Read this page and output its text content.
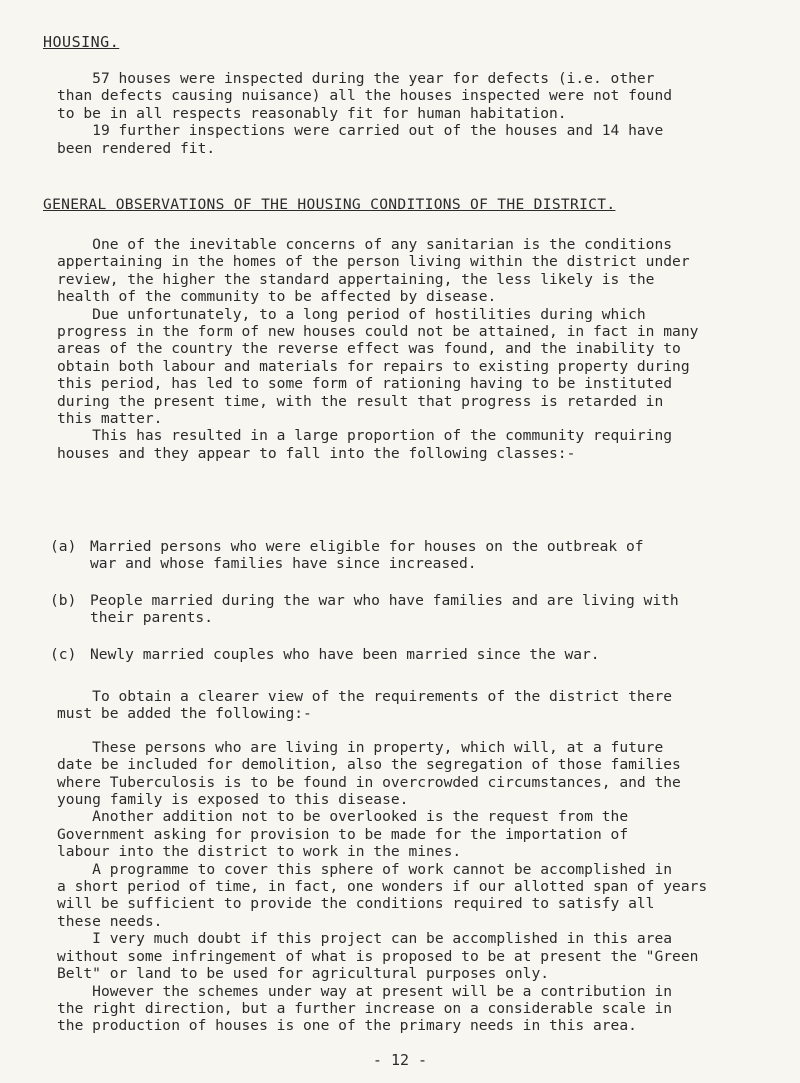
HOUSING.

57 houses were inspected during the year for defects (i.e. other
than defects causing nuisance) all the houses inspected were not found
to be in all respects reasonably fit for human habitation.

19 further inspections were carried out of the houses and 14 have
been rendered fit.

GENERAL OBSERVATIONS OF THE HOUSING CONDITIONS OF THE DISTRICT.

One of the inevitable concerns of any sanitarian is the conditions
appertaining in the homes of the person living within the district under
review, the higher the standard appertaining, the less likely is the
health of the community to be affected by disease.

Due unfortunately, to a long period of hostilities during which
progress in the form of new houses could not be attained, in fact in many
areas of the country the reverse effect was found, and the inability to
obtain both labour and materials for repairs to existing property during
this period, has led to some form of rationing having to be instituted
during the present time, with the result that progress is retarded in
this matter.

This has resulted in a large proportion of the community requiring
houses and they appear to fall into the following classes:-

(a) Married persons who were eligible for houses on the outbreak of
war and whose families have since increased.
(b) People married during the war who have families and are living with
their parents.
(c) Newly married couples who have been married since the war.

To obtain a clearer view of the requirements of the district there
must be added the following:-

These persons who are living in property, which will, at a future
date be included for demolition, also the segregation of those families
where Tuberculosis is to be found in overcrowded circumstances, and the
young family is exposed to this disease.

Another addition not to be overlooked is the request from the
Government asking for provision to be made for the importation of
labour into the district to work in the mines.

A programme to cover this sphere of work cannot be accomplished in
a short period of time, in fact, one wonders if our allotted span of years
will be sufficient to provide the conditions required to satisfy all
these needs.

I very much doubt if this project can be accomplished in this area
without some infringement of what is proposed to be at present the "Green
Belt" or land to be used for agricultural purposes only.

However the schemes under way at present will be a contribution in
the right direction, but a further increase on a considerable scale in
the production of houses is one of the primary needs in this area.

- 12 -
